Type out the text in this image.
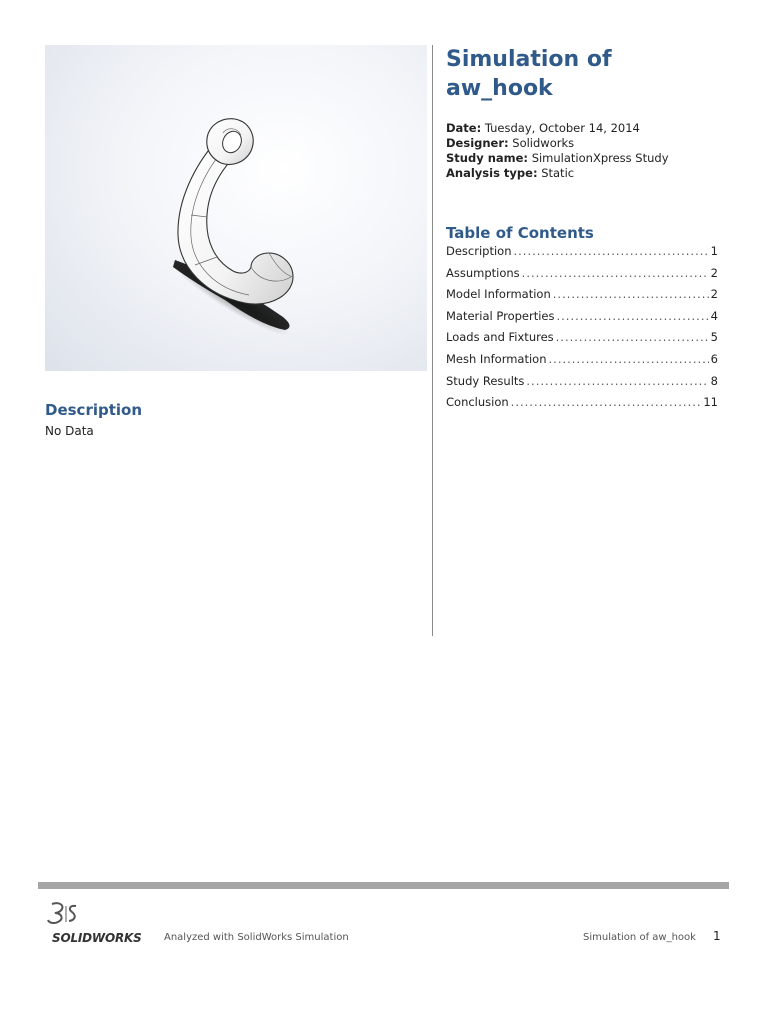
Description
No Data
Simulation of
aw_hook
Date: Tuesday, October 14, 2014
Designer: Solidworks
Study name: SimulationXpress Study
Analysis type: Static
Table of Contents
Description .....	1
Assumptions .....	2
Model Information .....	2
Material Properties .....	4
Loads and Fixtures .....	5
Mesh Information .....	6
Study Results .....	8
Conclusion .....	11
SOLIDWORKS Analyzed with SolidWorks Simulation	Simulation of aw_hook 1
